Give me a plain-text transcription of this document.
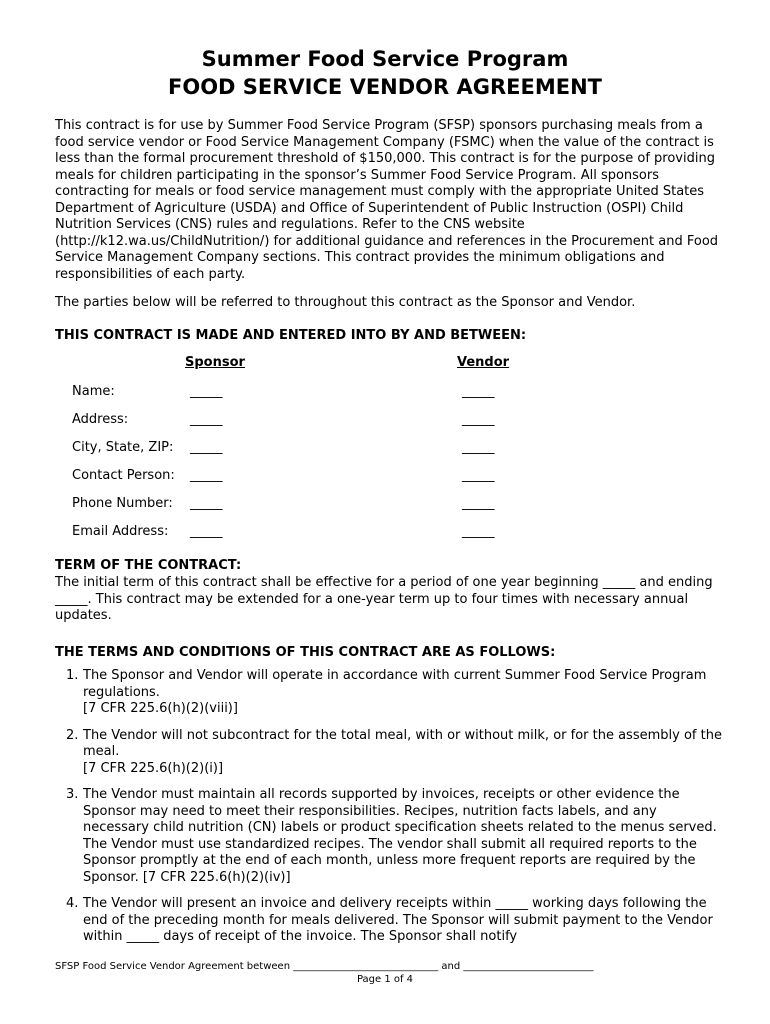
Summer Food Service Program
FOOD SERVICE VENDOR AGREEMENT

This contract is for use by Summer Food Service Program (SFSP) sponsors purchasing meals from a food service vendor or Food Service Management Company (FSMC) when the value of the contract is less than the formal procurement threshold of $150,000. This contract is for the purpose of providing meals for children participating in the sponsor’s Summer Food Service Program. All sponsors contracting for meals or food service management must comply with the appropriate United States Department of Agriculture (USDA) and Office of Superintendent of Public Instruction (OSPI) Child Nutrition Services (CNS) rules and regulations. Refer to the CNS website (http://k12.wa.us/ChildNutrition/) for additional guidance and references in the Procurement and Food Service Management Company sections. This contract provides the minimum obligations and responsibilities of each party.

The parties below will be referred to throughout this contract as the Sponsor and Vendor.

THIS CONTRACT IS MADE AND ENTERED INTO BY AND BETWEEN:

Sponsor	Vendor
Name:	_____	_____
Address:	_____	_____
City, State, ZIP: _____	_____
Contact Person: _____	_____
Phone Number: _____	_____
Email Address: _____	_____

TERM OF THE CONTRACT:

The initial term of this contract shall be effective for a period of one year beginning _____ and ending _____. This contract may be extended for a one-year term up to four times with necessary annual updates.

THE TERMS AND CONDITIONS OF THIS CONTRACT ARE AS FOLLOWS:

1. The Sponsor and Vendor will operate in accordance with current Summer Food Service Program regulations.
[7 CFR 225.6(h)(2)(viii)]
2. The Vendor will not subcontract for the total meal, with or without milk, or for the assembly of the meal.
[7 CFR 225.6(h)(2)(i)]
3. The Vendor must maintain all records supported by invoices, receipts or other evidence the Sponsor may need to meet their responsibilities. Recipes, nutrition facts labels, and any necessary child nutrition (CN) labels or product specification sheets related to the menus served. The Vendor must use standardized recipes. The vendor shall submit all required reports to the Sponsor promptly at the end of each month, unless more frequent reports are required by the Sponsor. [7 CFR 225.6(h)(2)(iv)]
4. The Vendor will present an invoice and delivery receipts within _____ working days following the end of the preceding month for meals delivered. The Sponsor will submit payment to the Vendor within _____ days of receipt of the invoice. The Sponsor shall notify
SFSP Food Service Vendor Agreement between _____________________________ and __________________________
Page 1 of 4
